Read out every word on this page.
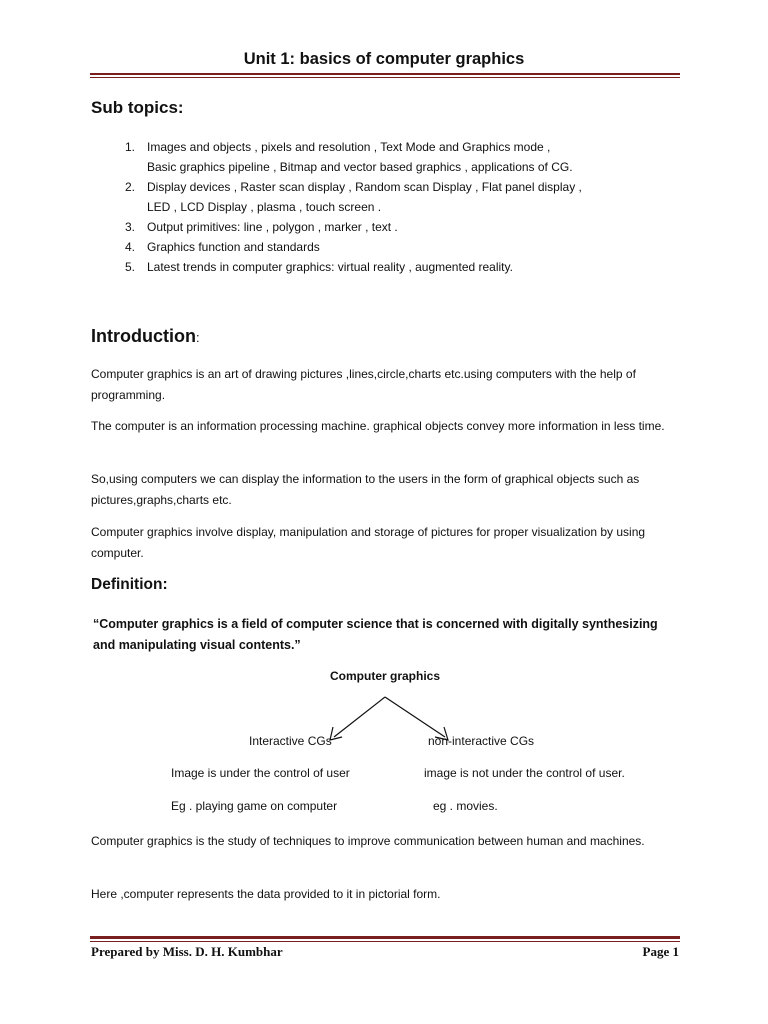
Unit 1: basics of computer graphics
Sub topics:
1. Images and objects , pixels and resolution , Text Mode and Graphics mode ,
Basic graphics pipeline , Bitmap and vector based graphics , applications of CG.
2. Display devices , Raster scan display , Random scan Display , Flat panel display ,
LED , LCD Display , plasma , touch screen .
3. Output primitives: line , polygon , marker , text .
4. Graphics function and standards
5. Latest trends in computer graphics: virtual reality , augmented reality.
Introduction:

Computer graphics is an art of drawing pictures ,lines,circle,charts etc.using computers with the help of programming.

The computer is an information processing machine. graphical objects convey more information in less time.

So,using computers we can display the information to the users in the form of graphical objects such as pictures,graphs,charts etc.

Computer graphics involve display, manipulation and storage of pictures for proper visualization by using computer.

Definition:

“Computer graphics is a field of computer science that is concerned with digitally synthesizing and manipulating visual contents.”

Computer graphics
Interactive CGs	non-interactive CGs
Image is under the control of user	image is not under the control of user.
Eg . playing game on computer	eg . movies.

Computer graphics is the study of techniques to improve communication between human and machines.

Here ,computer represents the data provided to it in pictorial form.

Prepared by Miss. D. H. Kumbhar	Page 1
